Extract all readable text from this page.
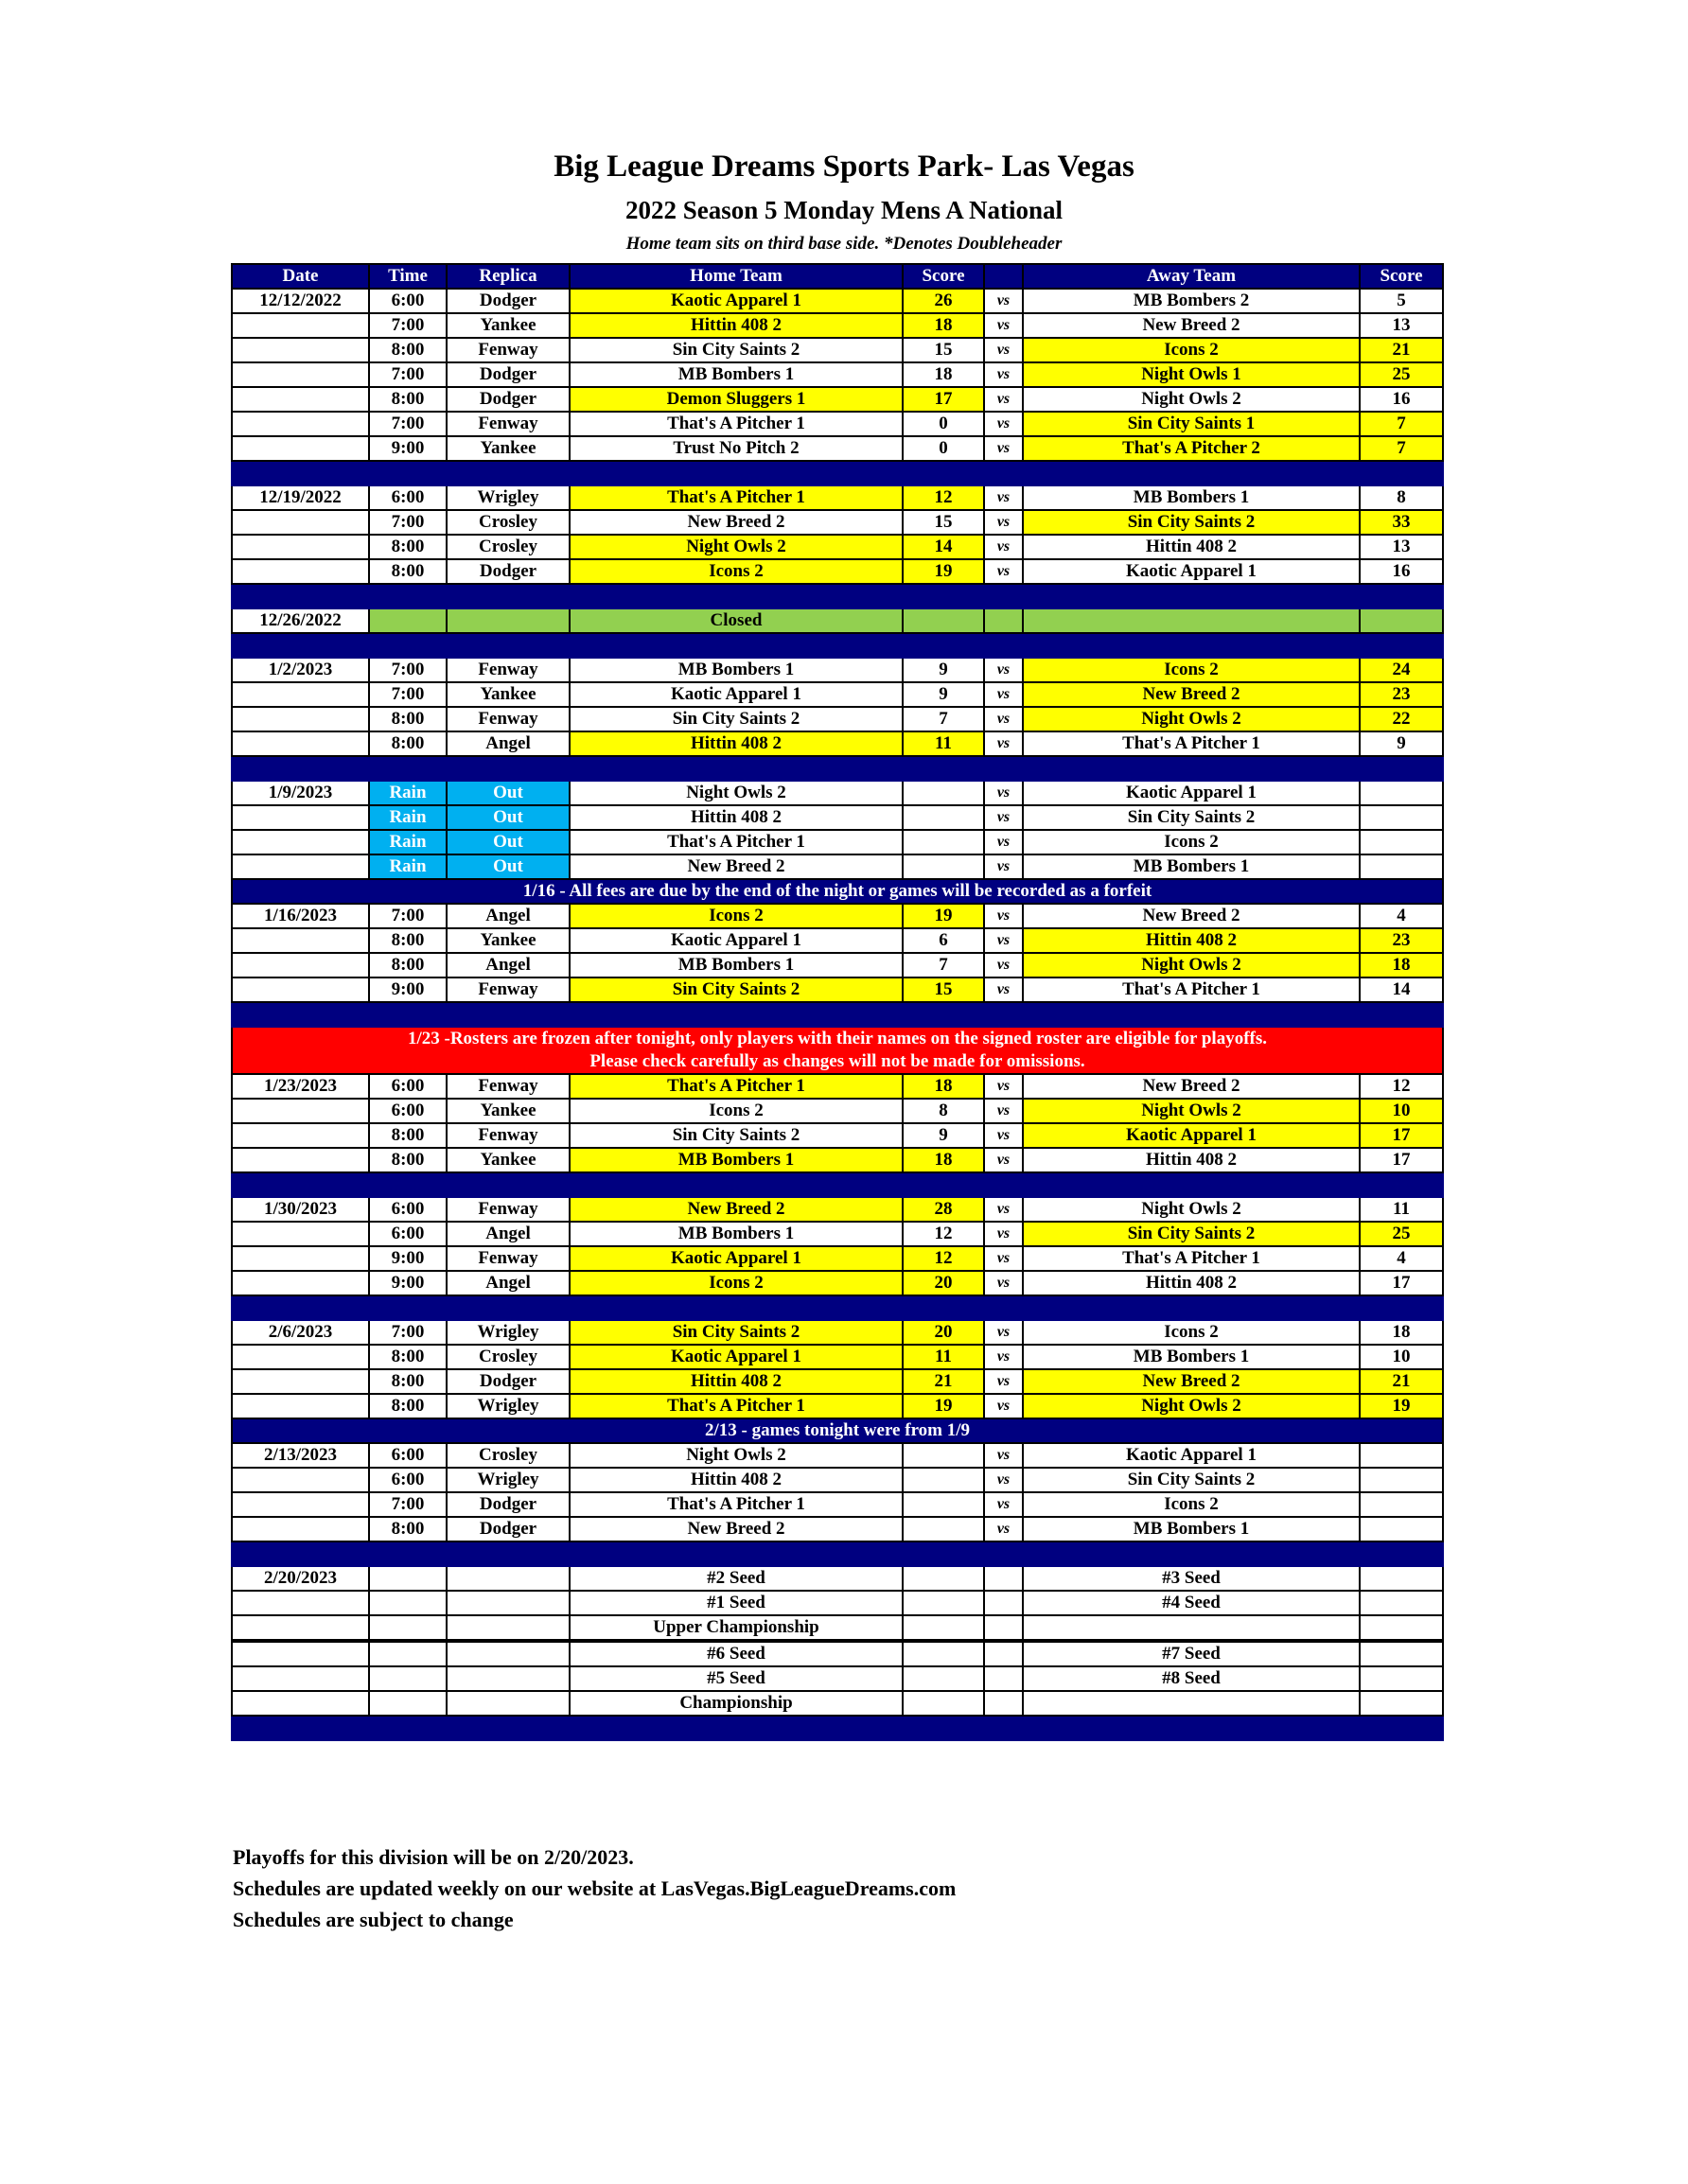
Big League Dreams Sports Park- Las Vegas
2022 Season 5 Monday Mens A National
Home team sits on third base side. *Denotes Doubleheader
Date	Time	Replica	Home Team	Score		Away Team	Score
12/12/2022	6:00	Dodger	Kaotic Apparel 1	26	vs	MB Bombers 2	5
	7:00	Yankee	Hittin 408 2	18	vs	New Breed 2	13
	8:00	Fenway	Sin City Saints 2	15	vs	Icons 2	21
	7:00	Dodger	MB Bombers 1	18	vs	Night Owls 1	25
	8:00	Dodger	Demon Sluggers 1	17	vs	Night Owls 2	16
	7:00	Fenway	That's A Pitcher 1	0	vs	Sin City Saints 1	7
	9:00	Yankee	Trust No Pitch 2	0	vs	That's A Pitcher 2	7

12/19/2022	6:00	Wrigley	That's A Pitcher 1	12	vs	MB Bombers 1	8
	7:00	Crosley	New Breed 2	15	vs	Sin City Saints 2	33
	8:00	Crosley	Night Owls 2	14	vs	Hittin 408 2	13
	8:00	Dodger	Icons 2	19	vs	Kaotic Apparel 1	16

12/26/2022			Closed				

1/2/2023	7:00	Fenway	MB Bombers 1	9	vs	Icons 2	24
	7:00	Yankee	Kaotic Apparel 1	9	vs	New Breed 2	23
	8:00	Fenway	Sin City Saints 2	7	vs	Night Owls 2	22
	8:00	Angel	Hittin 408 2	11	vs	That's A Pitcher 1	9

1/9/2023	Rain	Out	Night Owls 2		vs	Kaotic Apparel 1	
	Rain	Out	Hittin 408 2		vs	Sin City Saints 2	
	Rain	Out	That's A Pitcher 1		vs	Icons 2	
	Rain	Out	New Breed 2		vs	MB Bombers 1	
1/16 - All fees are due by the end of the night or games will be recorded as a forfeit							
1/16/2023	7:00	Angel	Icons 2	19	vs	New Breed 2	4
	8:00	Yankee	Kaotic Apparel 1	6	vs	Hittin 408 2	23
	8:00	Angel	MB Bombers 1	7	vs	Night Owls 2	18
	9:00	Fenway	Sin City Saints 2	15	vs	That's A Pitcher 1	14

1/23 -Rosters are frozen after tonight, only players with their names on the signed roster are eligible for playoffs.
Please check carefully as changes will not be made for omissions.							

1/23/2023	6:00	Fenway	That's A Pitcher 1	18	vs	New Breed 2	12
	6:00	Yankee	Icons 2	8	vs	Night Owls 2	10
	8:00	Fenway	Sin City Saints 2	9	vs	Kaotic Apparel 1	17
	8:00	Yankee	MB Bombers 1	18	vs	Hittin 408 2	17

1/30/2023	6:00	Fenway	New Breed 2	28	vs	Night Owls 2	11
	6:00	Angel	MB Bombers 1	12	vs	Sin City Saints 2	25
	9:00	Fenway	Kaotic Apparel 1	12	vs	That's A Pitcher 1	4
	9:00	Angel	Icons 2	20	vs	Hittin 408 2	17

2/6/2023	7:00	Wrigley	Sin City Saints 2	20	vs	Icons 2	18
	8:00	Crosley	Kaotic Apparel 1	11	vs	MB Bombers 1	10
	8:00	Dodger	Hittin 408 2	21	vs	New Breed 2	21
	8:00	Wrigley	That's A Pitcher 1	19	vs	Night Owls 2	19
2/13 - games tonight were from 1/9							
2/13/2023	6:00	Crosley	Night Owls 2		vs	Kaotic Apparel 1	
	6:00	Wrigley	Hittin 408 2		vs	Sin City Saints 2	
	7:00	Dodger	That's A Pitcher 1		vs	Icons 2	
	8:00	Dodger	New Breed 2		vs	MB Bombers 1	

2/20/2023			#2 Seed			#3 Seed	
			#1 Seed			#4 Seed	
			Upper Championship				
			#6 Seed			#7 Seed	
			#5 Seed			#8 Seed	
			Championship				

Playoffs for this division will be on 2/20/2023.
Schedules are updated weekly on our website at LasVegas.BigLeagueDreams.com
Schedules are subject to change
